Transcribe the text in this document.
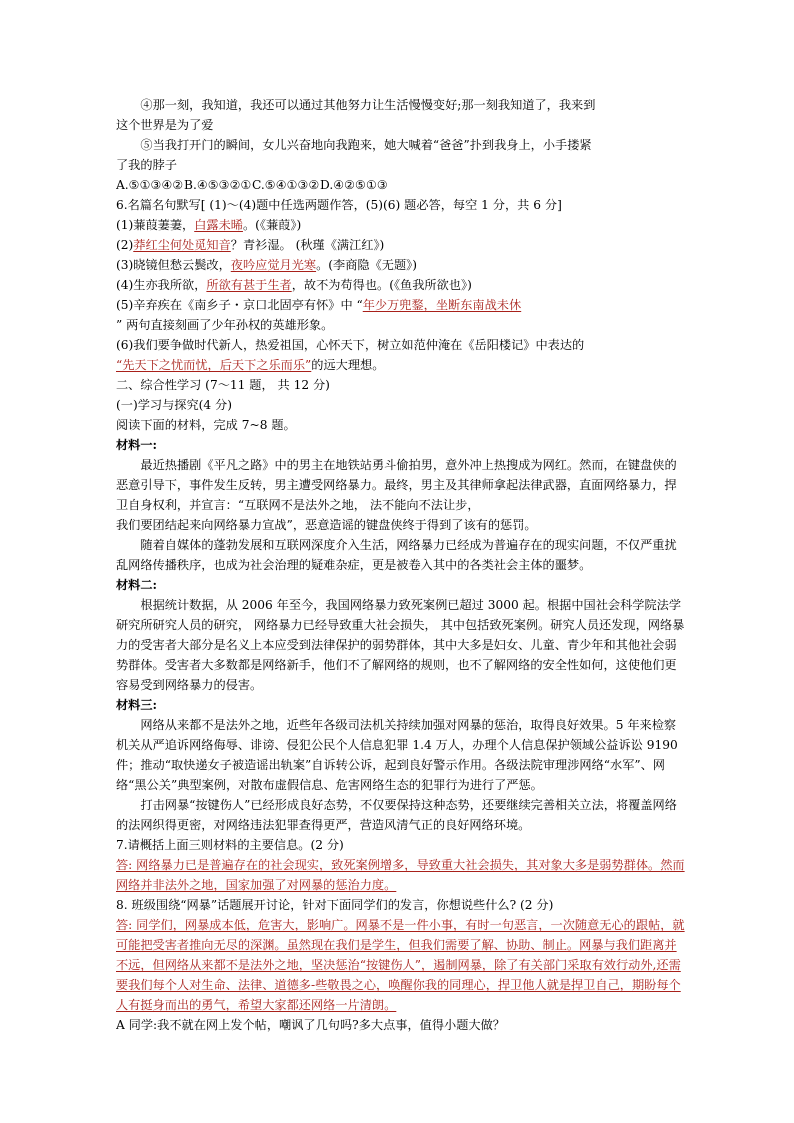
④那一刻，我知道，我还可以通过其他努力让生活慢慢变好;那一刻我知道了，我来到
这个世界是为了爱
⑤当我打开门的瞬间，女儿兴奋地向我跑来，她大喊着“爸爸”扑到我身上，小手搂紧
了我的脖子
A.⑤①③④②B.④⑤③②①C.⑤④①③②D.④②⑤①③
6.名篇名句默写[ (1)～(4)题中任选两题作答，(5)(6) 题必答，每空 1 分，共 6 分]
(1)蒹葭萋萋，白露未晞。(《蒹葭》)
(2)莽红尘何处觅知音？青衫湿。 (秋瑾《满江红》)
(3)晓镜但愁云鬓改，夜吟应觉月光寒。(李商隐《无题》)
(4)生亦我所欲，所欲有甚于生者，故不为苟得也。(《鱼我所欲也》)
(5)辛弃疾在《南乡子・京口北固亭有怀》中 “年少万兜鍪，坐断东南战未休
” 两句直接刻画了少年孙权的英雄形象。
(6)我们要争做时代新人，热爱祖国，心怀天下，树立如范仲淹在《岳阳楼记》中表达的
“先天下之忧而忧，后天下之乐而乐”的远大理想。
二、综合性学习 (7～11 题， 共 12 分)
(一)学习与探究(4 分)
阅读下面的材料，完成 7~8 题。
材料一:
最近热播剧《平凡之路》中的男主在地铁站勇斗偷拍男，意外冲上热搜成为网红。然而，在键盘侠的恶意引导下，事件发生反转，男主遭受网络暴力。最终，男主及其律师拿起法律武器，直面网络暴力，捍卫自身权利，并宣言：“互联网不是法外之地， 法不能向不法让步，
我们要团结起来向网络暴力宣战”，恶意造谣的键盘侠终于得到了该有的惩罚。
随着自媒体的蓬勃发展和互联网深度介入生活，网络暴力已经成为普遍存在的现实问题，不仅严重扰乱网络传播秩序，也成为社会治理的疑难杂症，更是被卷入其中的各类社会主体的噩梦。
材料二:
根据统计数据，从 2006 年至今，我国网络暴力致死案例已超过 3000 起。根据中国社会科学院法学研究所研究人员的研究， 网络暴力已经导致重大社会损失， 其中包括致死案例。研究人员还发现，网络暴力的受害者大部分是名义上本应受到法律保护的弱势群体，其中大多是妇女、儿童、青少年和其他社会弱势群体。受害者大多数都是网络新手，他们不了解网络的规则，也不了解网络的安全性如何，这使他们更容易受到网络暴力的侵害。
材料三:
网络从来都不是法外之地，近些年各级司法机关持续加强对网暴的惩治，取得良好效果。5 年来检察机关从严追诉网络侮辱、诽谤、侵犯公民个人信息犯罪 1.4 万人，办理个人信息保护领域公益诉讼 9190 件；推动“取快递女子被造谣出轨案”自诉转公诉，起到良好警示作用。各级法院审理涉网络“水军”、网络“黑公关”典型案例，对散布虚假信息、危害网络生态的犯罪行为进行了严惩。
打击网暴“按键伤人”已经形成良好态势，不仅要保持这种态势，还要继续完善相关立法，将覆盖网络的法网织得更密，对网络违法犯罪查得更严，营造风清气正的良好网络环境。
7.请概括上面三则材料的主要信息。(2 分)
答: 网络暴力已是普遍存在的社会现实，致死案例增多，导致重大社会损失，其对象大多是弱势群体。然而网络并非法外之地，国家加强了对网暴的惩治力度。
8. 班级围绕“网暴”话题展开讨论，针对下面同学们的发言，你想说些什么? (2 分)
答: 同学们，网暴成本低，危害大，影响广。网暴不是一件小事，有时一句恶言，一次随意无心的跟帖，就可能把受害者推向无尽的深渊。虽然现在我们是学生，但我们需要了解、协助、制止。网暴与我们距离并不远，但网络从来都不是法外之地，坚决惩治“按键伤人”，遏制网暴，除了有关部门采取有效行动外,还需要我们每个人对生命、法律、道德多-些敬畏之心，唤醒你我的同理心，捍卫他人就是捍卫自己，期盼每个人有挺身而出的勇气，希望大家都还网络一片清朗。
A 同学:我不就在网上发个帖，嘲讽了几句吗?多大点事，值得小题大做？
